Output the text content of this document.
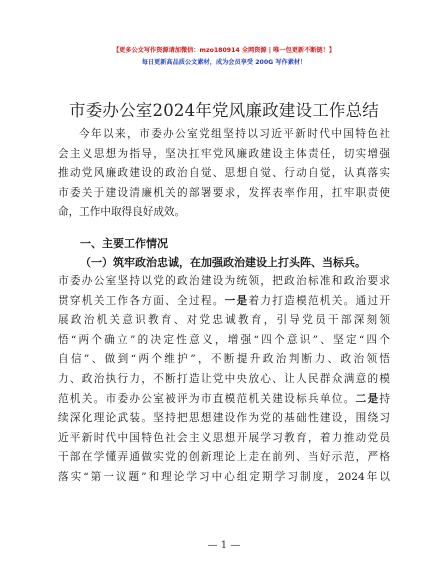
【更多公文写作资源请加微信：mzo180914 全网资源 | 唯一包更新不断链！】
每日更新高品质公文素材，成为会员享受 200G 写作素材！
市委办公室2024年党风廉政建设工作总结
今年以来，市委办公室党组坚持以习近平新时代中国特色社
会主义思想为指导，坚决扛牢党风廉政建设主体责任，切实增强
推动党风廉政建设的政治自觉、思想自觉、行动自觉，认真落实
市委关于建设清廉机关的部署要求，发挥表率作用，扛牢职责使
命，工作中取得良好成效。
一、主要工作情况
（一）筑牢政治忠诚，在加强政治建设上打头阵、当标兵。
市委办公室坚持以党的政治建设为统领，把政治标准和政治要求
贯穿机关工作各方面、全过程。一是着力打造模范机关。通过开
展政治机关意识教育、对党忠诚教育，引导党员干部深刻领
悟“两个确立”的决定性意义，增强“四个意识”、坚定“四个
自信”、做到“两个维护”，不断提升政治判断力、政治领悟
力、政治执行力，不断打造让党中央放心、让人民群众满意的模
范机关。市委办公室被评为市直模范机关建设标兵单位。二是持
续深化理论武装。坚持把思想建设作为党的基础性建设，围绕习
近平新时代中国特色社会主义思想开展学习教育，着力推动党员
干部在学懂弄通做实党的创新理论上走在前列、当好示范，严格
落实“第一议题”和理论学习中心组定期学习制度，2024年以
— 1 —
